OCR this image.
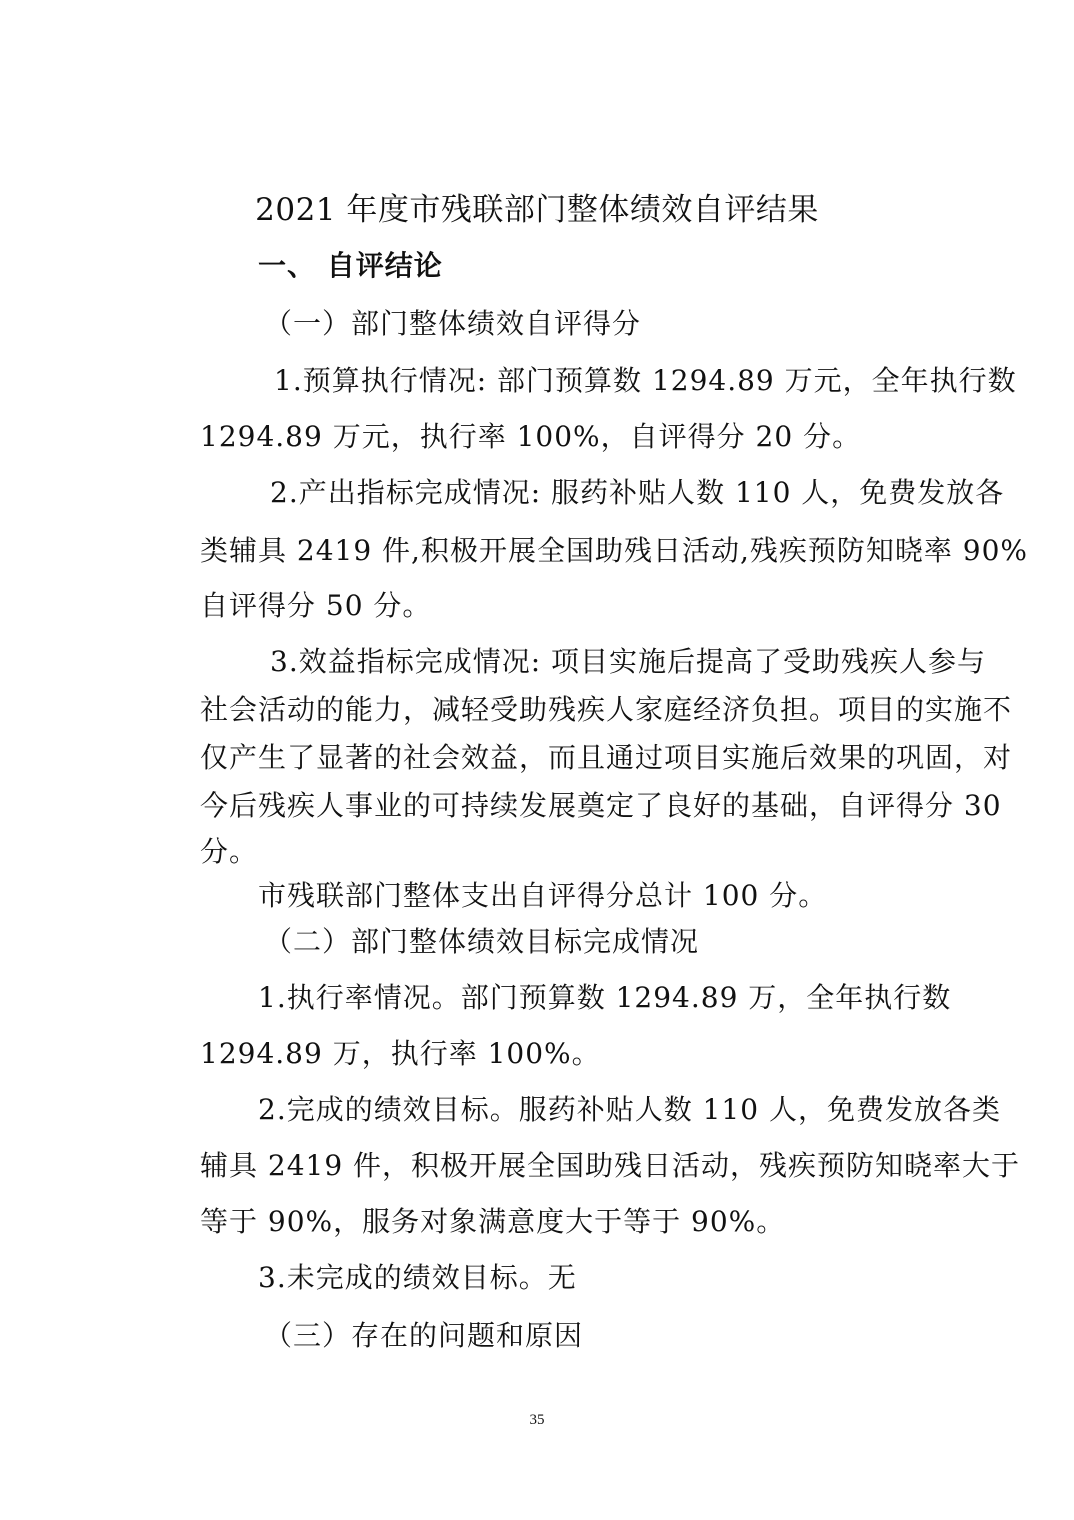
2021 年度市残联部门整体绩效自评结果
一、 自评结论
（一）部门整体绩效自评得分
1.预算执行情况: 部门预算数 1294.89 万元，全年执行数
1294.89 万元，执行率 100%，自评得分 20 分。
2.产出指标完成情况: 服药补贴人数 110 人，免费发放各
类辅具 2419 件,积极开展全国助残日活动,残疾预防知晓率 90%
自评得分 50 分。
3.效益指标完成情况: 项目实施后提高了受助残疾人参与
社会活动的能力，减轻受助残疾人家庭经济负担。项目的实施不
仅产生了显著的社会效益，而且通过项目实施后效果的巩固，对
今后残疾人事业的可持续发展奠定了良好的基础，自评得分 30
分。
市残联部门整体支出自评得分总计 100 分。
（二）部门整体绩效目标完成情况
1.执行率情况。部门预算数 1294.89 万，全年执行数
1294.89 万，执行率 100%。
2.完成的绩效目标。服药补贴人数 110 人，免费发放各类
辅具 2419 件，积极开展全国助残日活动，残疾预防知晓率大于
等于 90%，服务对象满意度大于等于 90%。
3.未完成的绩效目标。无
（三）存在的问题和原因
35
